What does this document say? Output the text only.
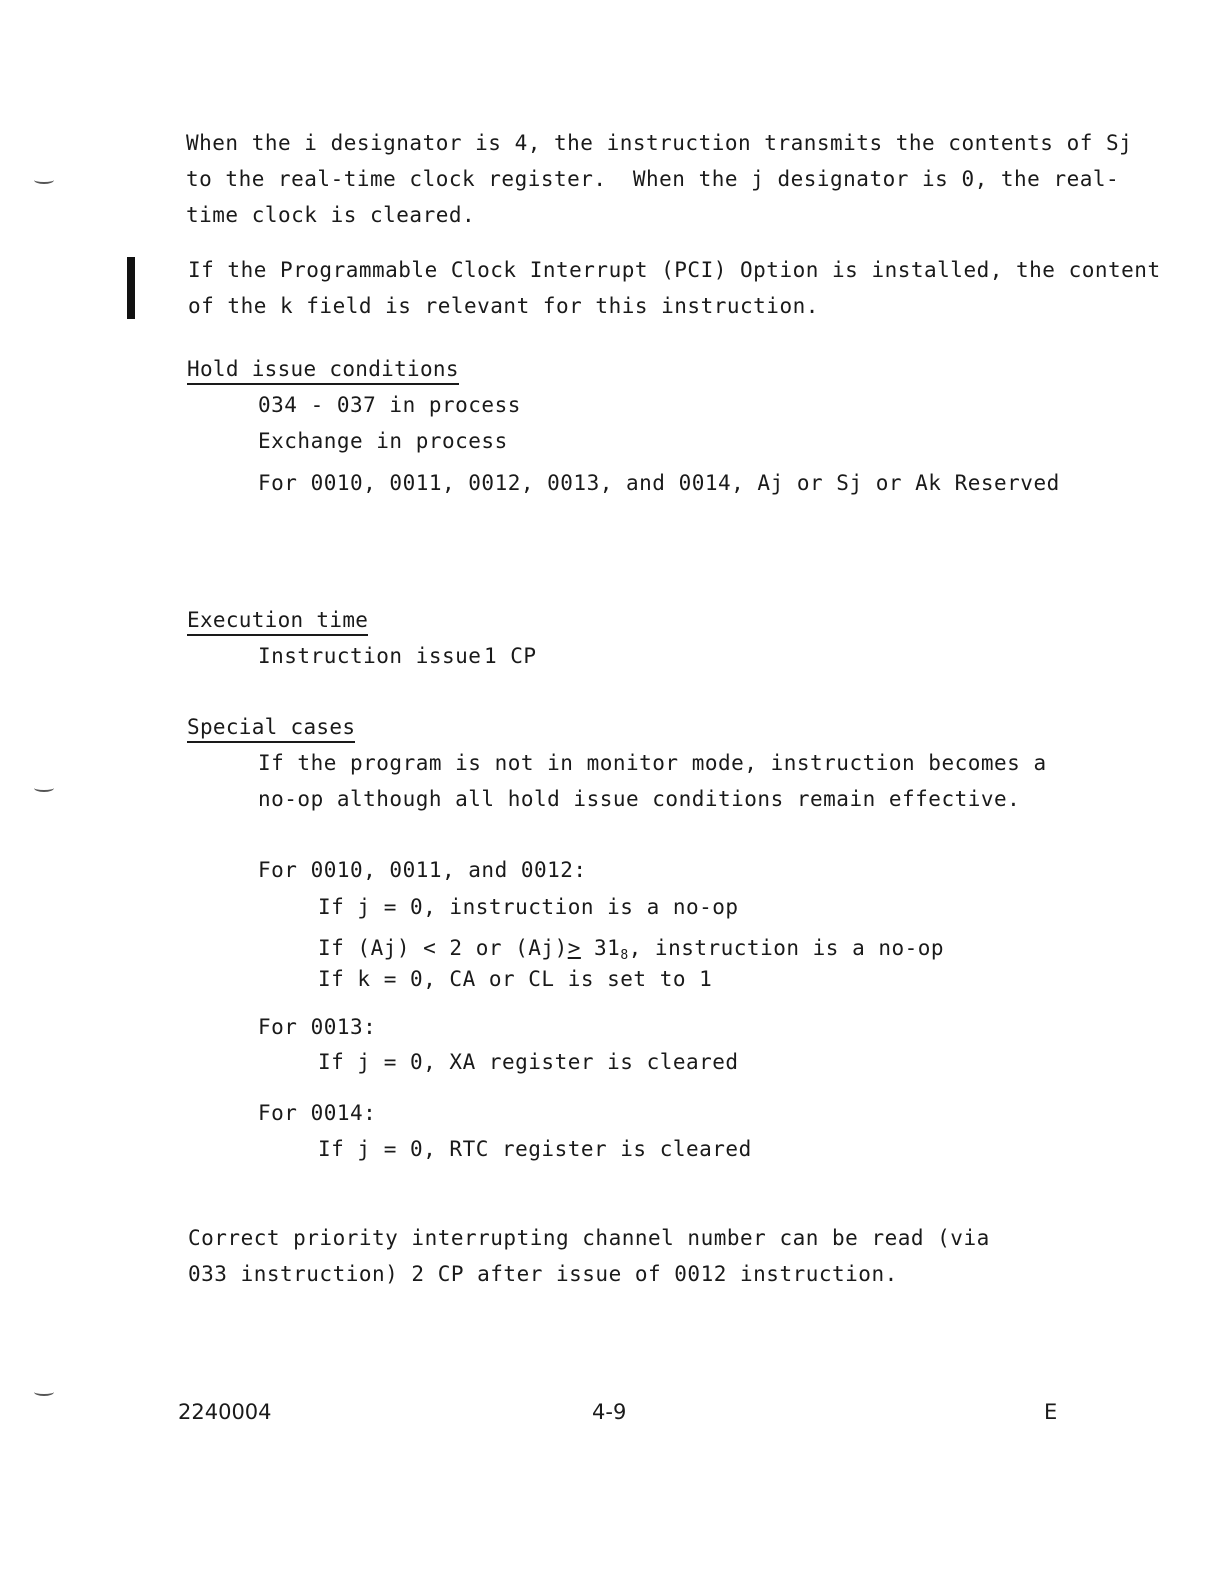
When the i designator is 4, the instruction transmits the contents of Sj
to the real-time clock register.  When the j designator is 0, the real-
time clock is cleared.
If the Programmable Clock Interrupt (PCI) Option is installed, the content
of the k field is relevant for this instruction.
Hold issue conditions
034 - 037 in process
Exchange in process
For 0010, 0011, 0012, 0013, and 0014, Aj or Sj or Ak Reserved
Execution time
Instruction issue 1 CP
Special cases
If the program is not in monitor mode, instruction becomes a
no-op although all hold issue conditions remain effective.
For 0010, 0011, and 0012:
If j = 0, instruction is a no-op
If (Aj) < 2 or (Aj)> 318, instruction is a no-op
If k = 0, CA or CL is set to 1
For 0013:
If j = 0, XA register is cleared
For 0014:
If j = 0, RTC register is cleared
Correct priority interrupting channel number can be read (via
033 instruction) 2 CP after issue of 0012 instruction.
2240004	4-9	E
